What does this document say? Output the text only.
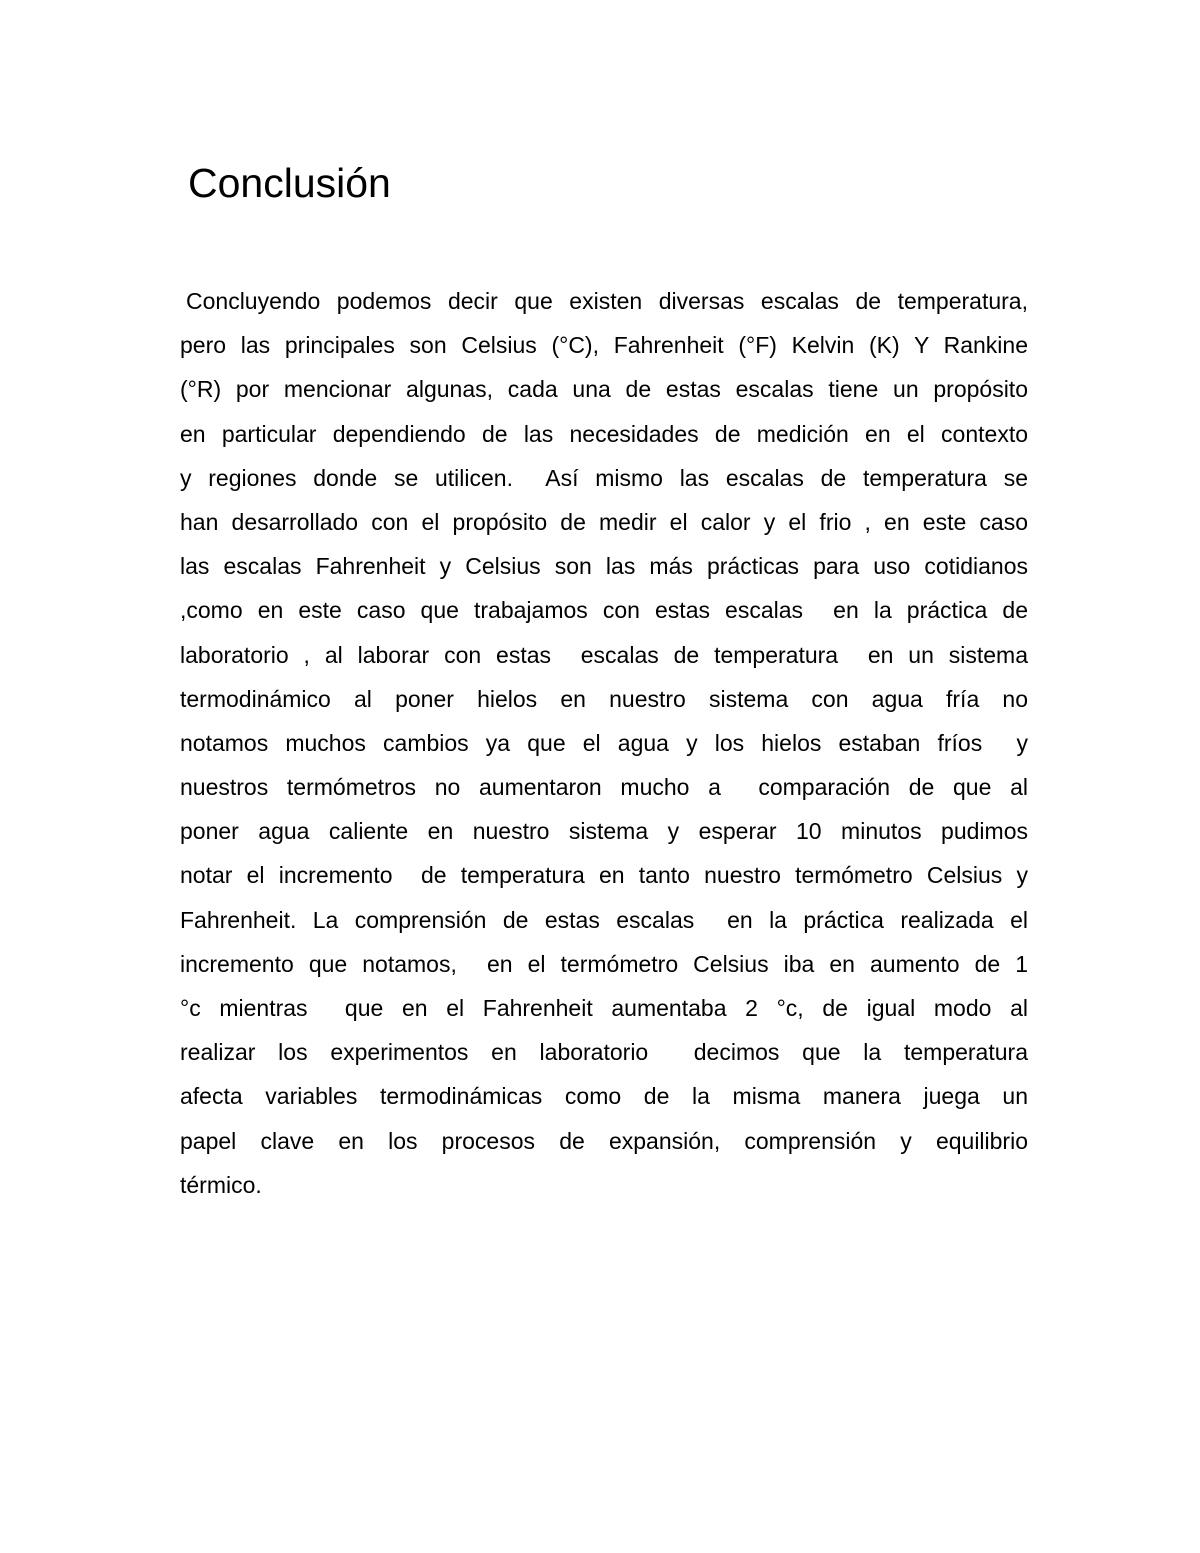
Conclusión
Concluyendo podemos decir que existen diversas escalas de temperatura,
pero las principales son Celsius (°C), Fahrenheit (°F) Kelvin (K) Y Rankine
(°R) por mencionar algunas, cada una de estas escalas tiene un propósito
en particular dependiendo de las necesidades de medición en el contexto
y regiones donde se utilicen.  Así mismo las escalas de temperatura se
han desarrollado con el propósito de medir el calor y el frio , en este caso
las escalas Fahrenheit y Celsius son las más prácticas para uso cotidianos
,como en este caso que trabajamos con estas escalas  en la práctica de
laboratorio , al laborar con estas  escalas de temperatura  en un sistema
termodinámico al poner hielos en nuestro sistema con agua fría no
notamos muchos cambios ya que el agua y los hielos estaban fríos  y
nuestros termómetros no aumentaron mucho a  comparación de que al
poner agua caliente en nuestro sistema y esperar 10 minutos pudimos
notar el incremento  de temperatura en tanto nuestro termómetro Celsius y
Fahrenheit. La comprensión de estas escalas  en la práctica realizada el
incremento que notamos,  en el termómetro Celsius iba en aumento de 1
°c mientras  que en el Fahrenheit aumentaba 2 °c, de igual modo al
realizar los experimentos en laboratorio  decimos que la temperatura
afecta variables termodinámicas como de la misma manera juega un
papel clave en los procesos de expansión, comprensión y equilibrio
térmico.
